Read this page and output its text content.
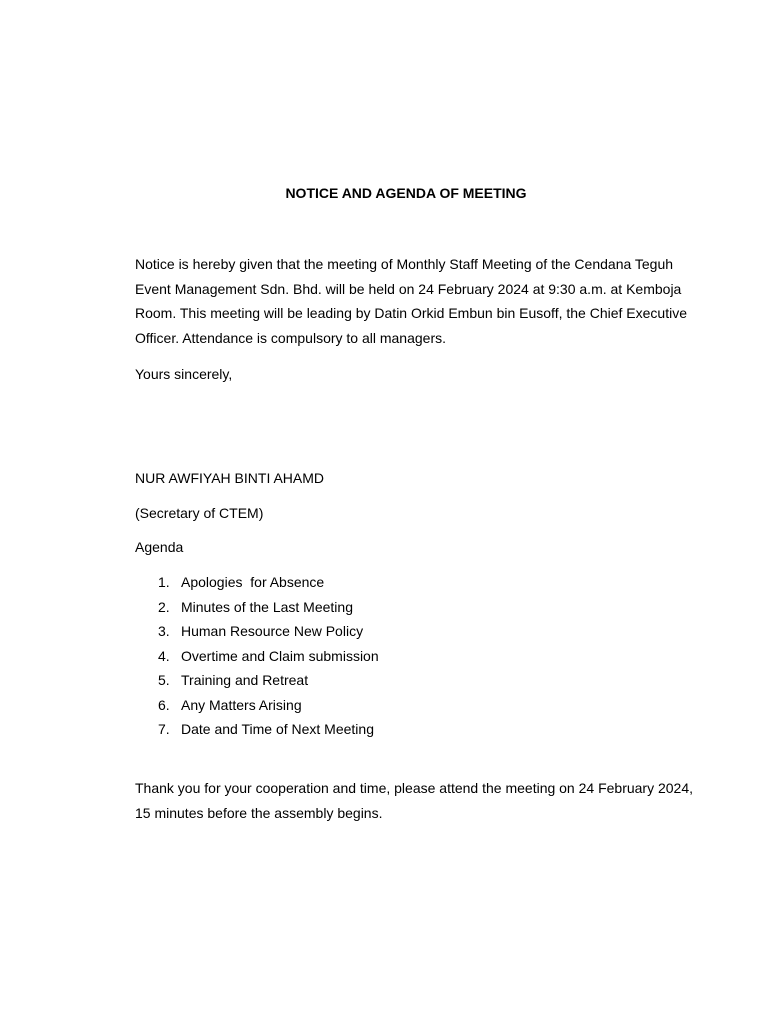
NOTICE AND AGENDA OF MEETING
Notice is hereby given that the meeting of Monthly Staff Meeting of the Cendana Teguh Event Management Sdn. Bhd. will be held on 24 February 2024 at 9:30 a.m. at Kemboja Room. This meeting will be leading by Datin Orkid Embun bin Eusoff, the Chief Executive Officer. Attendance is compulsory to all managers.
Yours sincerely,
NUR AWFIYAH BINTI AHAMD
(Secretary of CTEM)
Agenda
1. Apologies  for Absence
2. Minutes of the Last Meeting
3. Human Resource New Policy
4. Overtime and Claim submission
5. Training and Retreat
6. Any Matters Arising
7. Date and Time of Next Meeting
Thank you for your cooperation and time, please attend the meeting on 24 February 2024, 15 minutes before the assembly begins.
